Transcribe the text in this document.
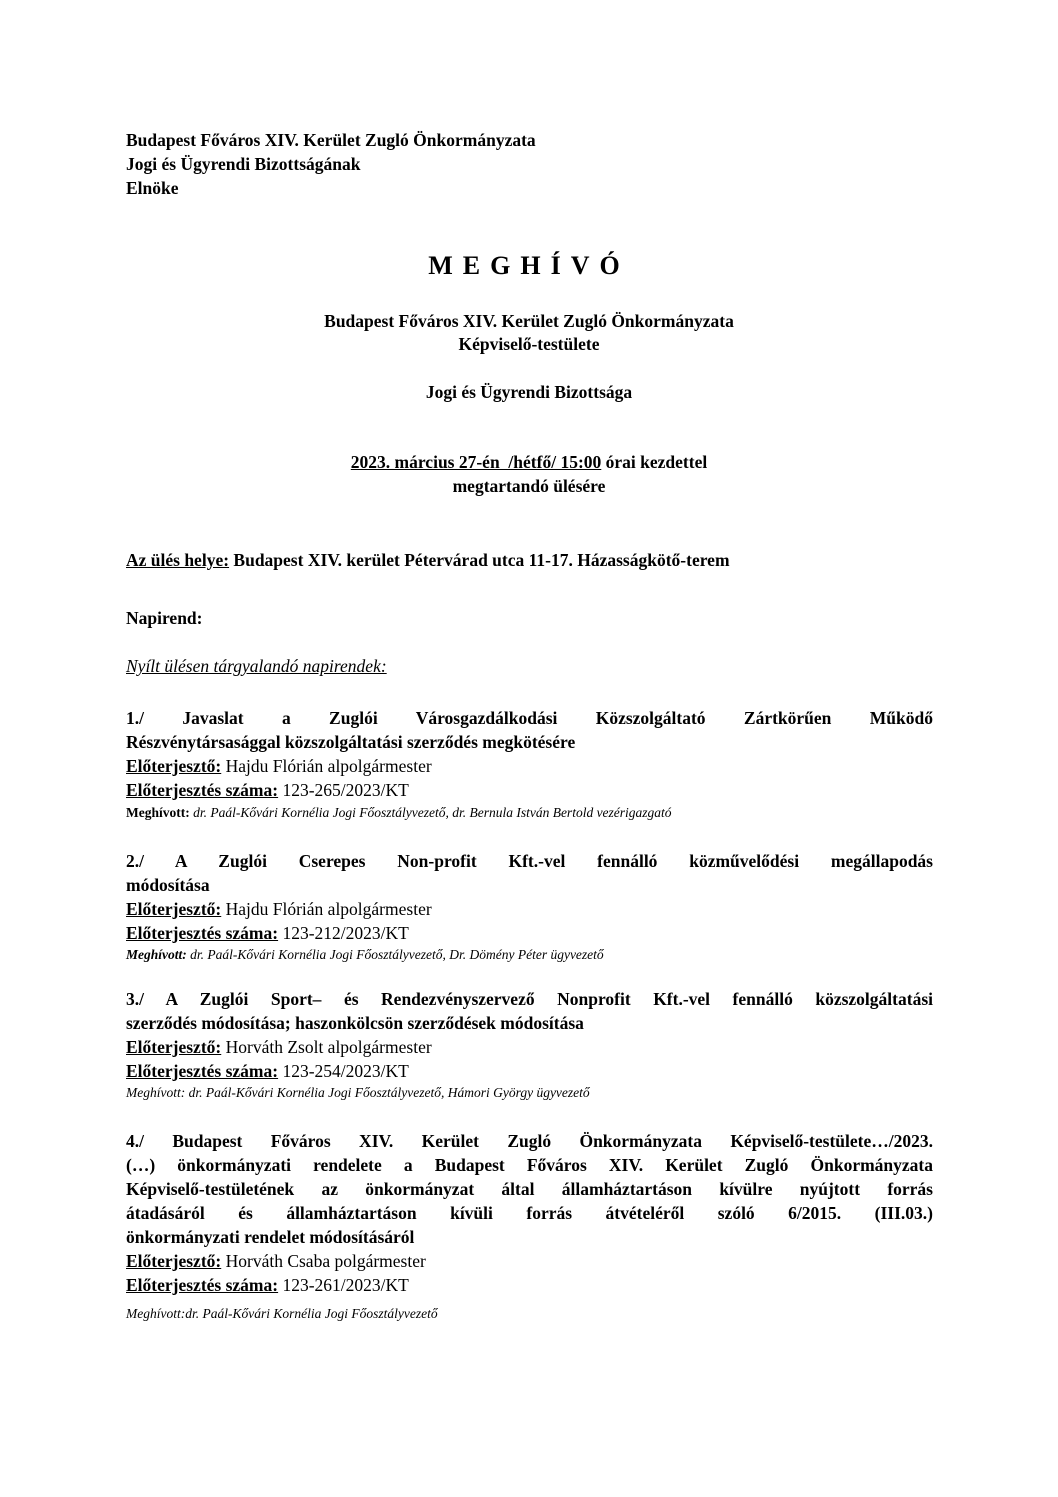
Budapest Főváros XIV. Kerület Zugló Önkormányzata
Jogi és Ügyrendi Bizottságának
Elnöke
MEGHÍVÓ
Budapest Főváros XIV. Kerület Zugló Önkormányzata
Képviselő-testülete
Jogi és Ügyrendi Bizottsága
2023. március 27-én  /hétfő/ 15:00 órai kezdettel
megtartandó ülésére
Az ülés helye: Budapest XIV. kerület Pétervárad utca 11-17. Házasságkötő-terem
Napirend:
Nyílt ülésen tárgyalandó napirendek:
1./ Javaslat a Zuglói Városgazdálkodási Közszolgáltató Zártkörűen Működő
Részvénytársasággal közszolgáltatási szerződés megkötésére
Előterjesztő: Hajdu Flórián alpolgármester
Előterjesztés száma: 123-265/2023/KT
Meghívott: dr. Paál-Kővári Kornélia Jogi Főosztályvezető, dr. Bernula István Bertold vezérigazgató
2./ A Zuglói Cserepes Non-profit Kft.-vel fennálló közművelődési megállapodás
módosítása
Előterjesztő: Hajdu Flórián alpolgármester
Előterjesztés száma: 123-212/2023/KT
Meghívott: dr. Paál-Kővári Kornélia Jogi Főosztályvezető, Dr. Dömény Péter ügyvezető
3./ A Zuglói Sport– és Rendezvényszervező Nonprofit Kft.-vel fennálló közszolgáltatási
szerződés módosítása; haszonkölcsön szerződések módosítása
Előterjesztő: Horváth Zsolt alpolgármester
Előterjesztés száma: 123-254/2023/KT
Meghívott: dr. Paál-Kővári Kornélia Jogi Főosztályvezető, Hámori György ügyvezető
4./ Budapest Főváros XIV. Kerület Zugló Önkormányzata Képviselő-testülete…/2023.
(…) önkormányzati rendelete a Budapest Főváros XIV. Kerület Zugló Önkormányzata
Képviselő-testületének az önkormányzat által államháztartáson kívülre nyújtott forrás
átadásáról és államháztartáson kívüli forrás átvételéről szóló 6/2015. (III.03.)
önkormányzati rendelet módosításáról
Előterjesztő: Horváth Csaba polgármester
Előterjesztés száma: 123-261/2023/KT
Meghívott:dr. Paál-Kővári Kornélia Jogi Főosztályvezető
